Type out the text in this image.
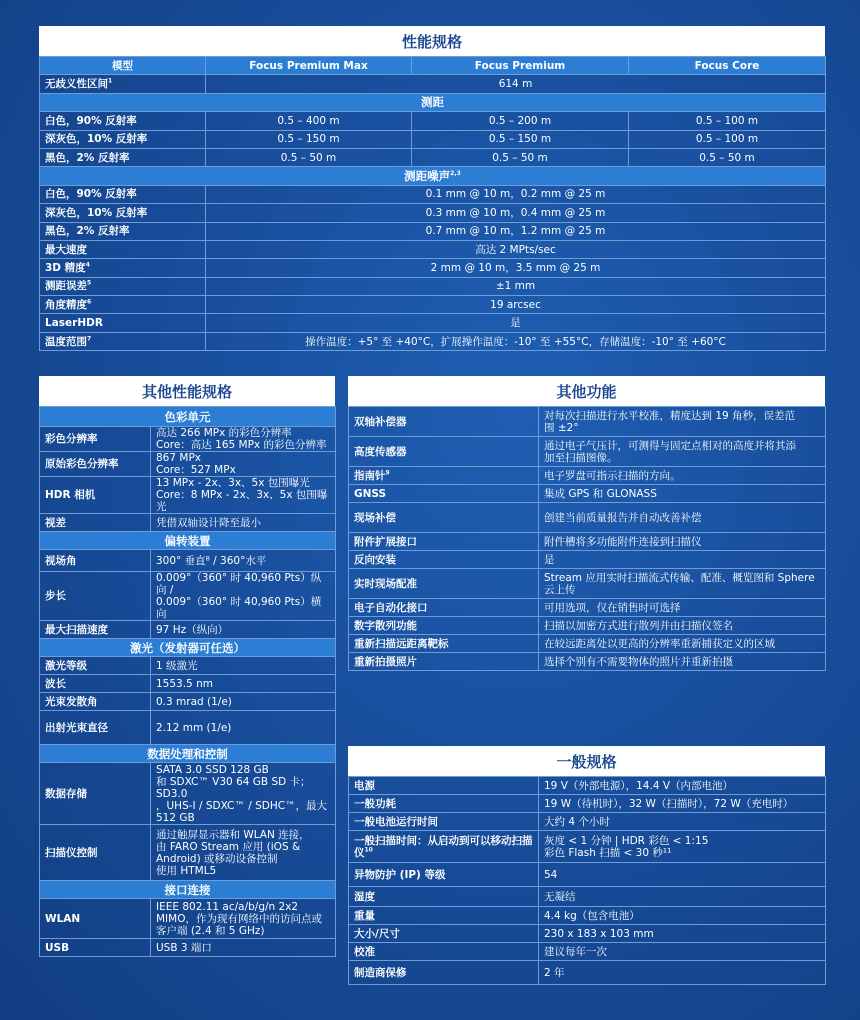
性能规格
模型	Focus Premium Max	Focus Premium	Focus Core
无歧义性区间$^1$	614 m		
测距			
白色，90% 反射率	0.5 – 400 m	0.5 – 200 m	0.5 – 100 m
深灰色，10% 反射率	0.5 – 150 m	0.5 – 150 m	0.5 – 100 m
黑色，2% 反射率	0.5 – 50 m	0.5 – 50 m	0.5 – 50 m
测距噪声$^{2,3}$
白色，90% 反射率	0.1 mm @ 10 m，0.2 mm @ 25 m		
深灰色，10% 反射率	0.3 mm @ 10 m，0.4 mm @ 25 m		
黑色，2% 反射率	0.7 mm @ 10 m，1.2 mm @ 25 m		
最大速度	高达 2 MPts/sec		
3D 精度$^4$	2 mm @ 10 m，3.5 mm @ 25 m		
测距误差$^5$	±1 mm		
角度精度$^6$	19 arcsec		
LaserHDR	是		
温度范围$^7$	操作温度：+5° 至 +40°C，扩展操作温度：-10° 至 +55°C，存储温度：-10° 至 +60°C		
其他性能规格
色彩单元	
彩色分辨率	高达 266 MPx 的彩色分辨率
Core：高达 165 MPx 的彩色分辨率

原始彩色分辨率	867 MPx
Core：527 MPx

HDR 相机	13 MPx - 2x、3x、5x 包围曝光
Core：8 MPx - 2x、3x、5x 包围曝光

视差	凭借双轴设计降至最小

偏转装置	
视场角	300° 垂直⁸ / 360°水平

步长	0.009°（360° 时 40,960 Pts）纵向 /
0.009°（360° 时 40,960 Pts）横向

最大扫描速度	97 Hz（纵向）

激光（发射器可任选）	
激光等级	1 级激光

波长	1553.5 nm

光束发散角	0.3 mrad (1/e)

出射光束直径	2.12 mm (1/e)

数据处理和控制	
数据存储	SATA 3.0 SSD 128 GB
和 SDXC™ V30 64 GB SD 卡；SD3.0
，UHS-I / SDXC™ / SDHC™，最大
512 GB

扫描仪控制	通过触屏显示器和 WLAN 连接，
由 FARO Stream 应用 (iOS &
Android) 或移动设备控制
使用 HTML5

接口连接	
WLAN	IEEE 802.11 ac/a/b/g/n 2x2
MIMO，作为现有网络中的访问点或
客户端 (2.4 和 5 GHz)

USB	USB 3 端口
其他功能
双轴补偿器	对每次扫描进行水平校准，精度达到 19 角秒，误差范
围 ±2°

高度传感器	通过电子气压计，可测得与固定点相对的高度并将其添
加至扫描图像。

指南针$^9$	电子罗盘可指示扫描的方向。

GNSS	集成 GPS 和 GLONASS

现场补偿	创建当前质量报告并自动改善补偿

附件扩展接口	附件槽将多功能附件连接到扫描仪

反向安装	是

实时现场配准	Stream 应用实时扫描流式传输、配准、概览图和 Sphere
云上传

电子自动化接口	可用选项，仅在销售时可选择

数字散列功能	扫描以加密方式进行散列并由扫描仪签名

重新扫描远距离靶标	在较远距离处以更高的分辨率重新捕获定义的区域

重新拍摄照片	选择个别有不需要物体的照片并重新拍摄
一般规格
电源	19 V（外部电源），14.4 V（内部电池）

一般功耗	19 W（待机时），32 W（扫描时），72 W（充电时）

一般电池运行时间	大约 4 个小时

一般扫描时间：从启动到可以移动扫描仪$^{10}$	灰度 < 1 分钟 | HDR 彩色 < 1:15
彩色 Flash 扫描 < 30 秒¹¹

异物防护 (IP) 等级	54

湿度	无凝结

重量	4.4 kg（包含电池）

大小/尺寸	230 x 183 x 103 mm

校准	建议每年一次

制造商保修	2 年
